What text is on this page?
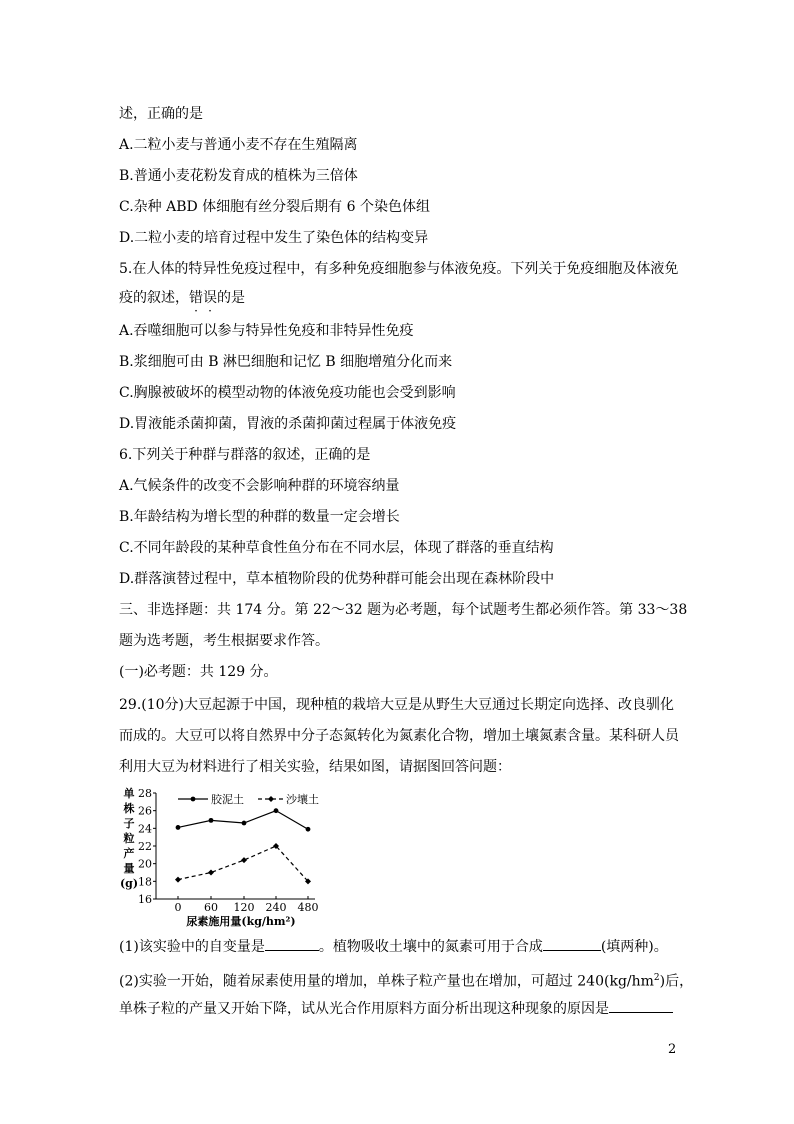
述，正确的是
A.二粒小麦与普通小麦不存在生殖隔离
B.普通小麦花粉发育成的植株为三倍体
C.杂种 ABD 体细胞有丝分裂后期有 6 个染色体组
D.二粒小麦的培育过程中发生了染色体的结构变异
5.在人体的特异性免疫过程中，有多种免疫细胞参与体液免疫。下列关于免疫细胞及体液免
疫的叙述，错误的是
A.吞噬细胞可以参与特异性免疫和非特异性免疫
B.浆细胞可由 B 淋巴细胞和记忆 B 细胞增殖分化而来
C.胸腺被破坏的模型动物的体液免疫功能也会受到影响
D.胃液能杀菌抑菌，胃液的杀菌抑菌过程属于体液免疫
6.下列关于种群与群落的叙述，正确的是
A.气候条件的改变不会影响种群的环境容纳量
B.年龄结构为增长型的种群的数量一定会增长
C.不同年龄段的某种草食性鱼分布在不同水层，体现了群落的垂直结构
D.群落演替过程中，草本植物阶段的优势种群可能会出现在森林阶段中
三、非选择题：共 174 分。第 22～32 题为必考题，每个试题考生都必须作答。第 33～38
题为选考题，考生根据要求作答。
(一)必考题：共 129 分。
29.(10分)大豆起源于中国，现种植的栽培大豆是从野生大豆通过长期定向选择、改良驯化
而成的。大豆可以将自然界中分子态氮转化为氮素化合物，增加土壤氮素含量。某科研人员
利用大豆为材料进行了相关实验，结果如图，请据图回答问题：
16
18
20
22
24
26
28
单
株
子
粒
产
量
(g)
0 60 120 240 480
尿素施用量(kg/hm²)
胶泥土	沙壤土
(1)该实验中的自变量是	。植物吸收土壤中的氮素可用于合成	(填两种)。
(2)实验一开始，随着尿素使用量的增加，单株子粒产量也在增加，可超过 $240(kg/hm^2)$后，
单株子粒的产量又开始下降，试从光合作用原料方面分析出现这种现象的原因是
2
